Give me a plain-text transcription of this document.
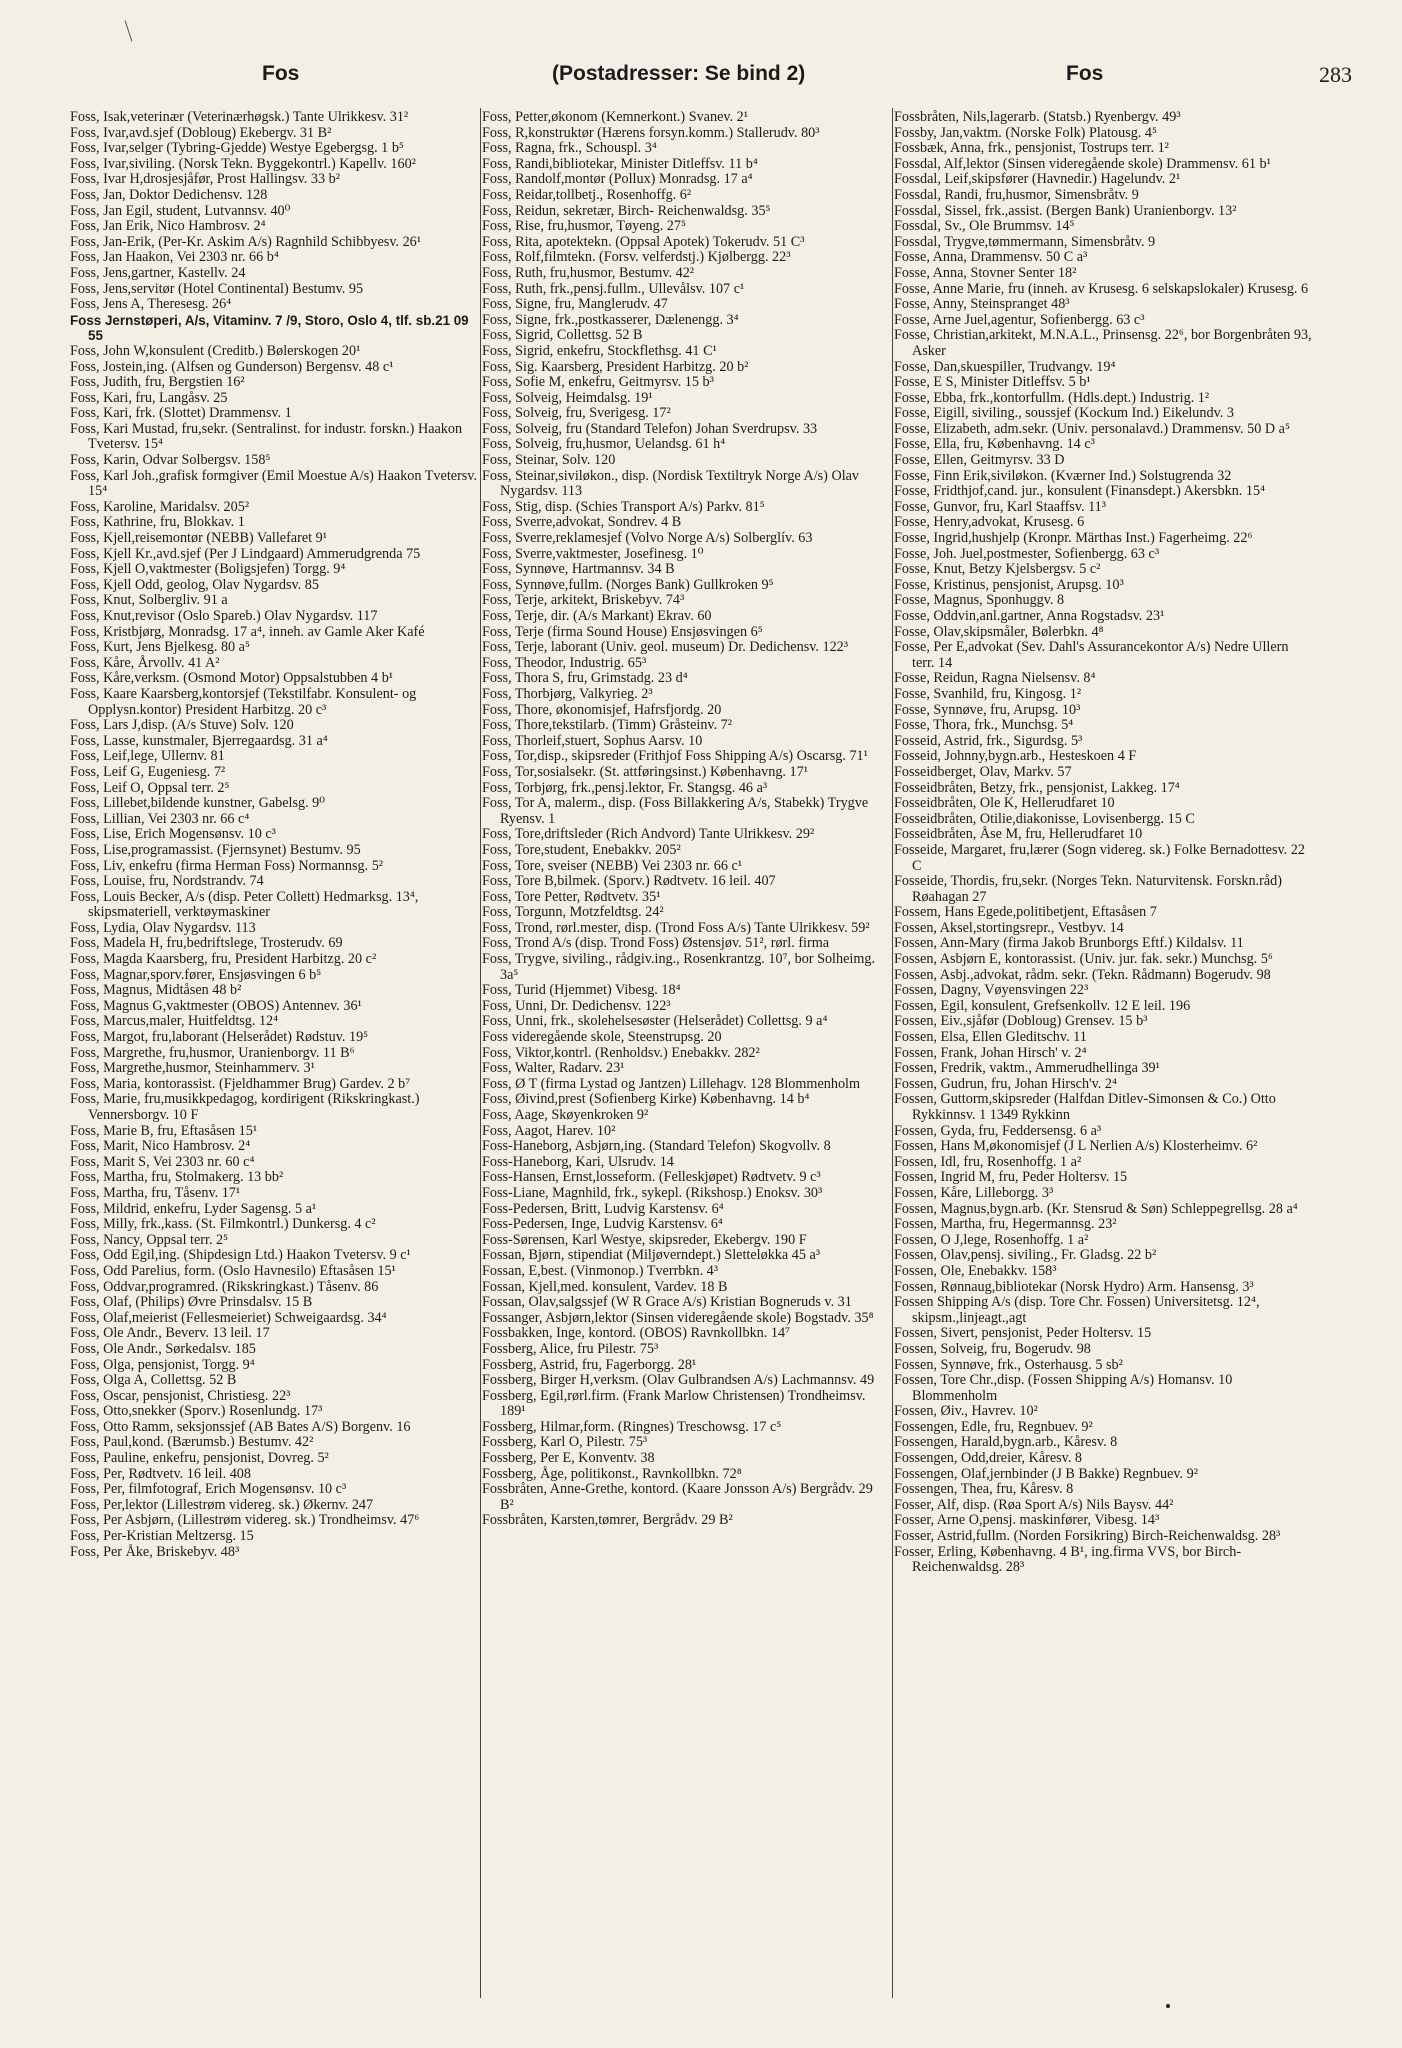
Fos	(Postadresser: Se bind 2)	Fos	283

Foss, Isak,veterinær (Veterinærhøgsk.) Tante Ulrikkesv. 31²

Foss, Ivar,avd.sjef (Dobloug) Ekebergv. 31 B²

Foss, Ivar,selger (Tybring-Gjedde) Westye Egebergsg. 1 b⁵

Foss, Ivar,siviling. (Norsk Tekn. Byggekontrl.) Kapellv. 160²

Foss, Ivar H,drosjesjåfør, Prost Hallingsv. 33 b²

Foss, Jan, Doktor Dedichensv. 128

Foss, Jan Egil, student, Lutvannsv. 40⁰

Foss, Jan Erik, Nico Hambrosv. 2⁴

Foss, Jan-Erik, (Per-Kr. Askim A/s) Ragnhild Schibbyesv. 26¹

Foss, Jan Haakon, Vei 2303 nr. 66 b⁴

Foss, Jens,gartner, Kastellv. 24

Foss, Jens,servitør (Hotel Continental) Bestumv. 95

Foss, Jens A, Theresesg. 26⁴

Foss Jernstøperi, A/s, Vitaminv. 7 /9, Storo, Oslo 4, tlf. sb.21 09 55

Foss, John W,konsulent (Creditb.) Bølerskogen 20¹

Foss, Jostein,ing. (Alfsen og Gunderson) Bergensv. 48 c¹

Foss, Judith, fru, Bergstien 16²

Foss, Kari, fru, Langåsv. 25

Foss, Kari, frk. (Slottet) Drammensv. 1

Foss, Kari Mustad, fru,sekr. (Sentralinst. for industr. forskn.) Haakon Tvetersv. 15⁴

Foss, Karin, Odvar Solbergsv. 158⁵

Foss, Karl Joh.,grafisk formgiver (Emil Moestue A/s) Haakon Tvetersv. 15⁴

Foss, Karoline, Maridalsv. 205²

Foss, Kathrine, fru, Blokkav. 1

Foss, Kjell,reisemontør (NEBB) Vallefaret 9¹

Foss, Kjell Kr.,avd.sjef (Per J Lindgaard) Ammerudgrenda 75

Foss, Kjell O,vaktmester (Boligsjefen) Torgg. 9⁴

Foss, Kjell Odd, geolog, Olav Nygardsv. 85

Foss, Knut, Solbergliv. 91 a

Foss, Knut,revisor (Oslo Spareb.) Olav Nygardsv. 117

Foss, Kristbjørg, Monradsg. 17 a⁴, inneh. av Gamle Aker Kafé

Foss, Kurt, Jens Bjelkesg. 80 a⁵

Foss, Kåre, Årvollv. 41 A²

Foss, Kåre,verksm. (Osmond Motor) Oppsalstubben 4 b¹

Foss, Kaare Kaarsberg,kontorsjef (Tekstilfabr. Konsulent- og Opplysn.kontor) President Harbitzg. 20 c³

Foss, Lars J,disp. (A/s Stuve) Solv. 120

Foss, Lasse, kunstmaler, Bjerregaardsg. 31 a⁴

Foss, Leif,lege, Ullernv. 81

Foss, Leif G, Eugeniesg. 7²

Foss, Leif O, Oppsal terr. 2⁵

Foss, Lillebet,bildende kunstner, Gabelsg. 9⁰

Foss, Lillian, Vei 2303 nr. 66 c⁴

Foss, Lise, Erich Mogensønsv. 10 c³

Foss, Lise,programassist. (Fjernsynet) Bestumv. 95

Foss, Liv, enkefru (firma Herman Foss) Normannsg. 5²

Foss, Louise, fru, Nordstrandv. 74

Foss, Louis Becker, A/s (disp. Peter Collett) Hedmarksg. 13⁴, skipsmateriell, verktøymaskiner

Foss, Lydia, Olav Nygardsv. 113

Foss, Madela H, fru,bedriftslege, Trosterudv. 69

Foss, Magda Kaarsberg, fru, President Harbitzg. 20 c²

Foss, Magnar,sporv.fører, Ensjøsvingen 6 b⁵

Foss, Magnus, Midtåsen 48 b²

Foss, Magnus G,vaktmester (OBOS) Antennev. 36¹

Foss, Marcus,maler, Huitfeldtsg. 12⁴

Foss, Margot, fru,laborant (Helserådet) Rødstuv. 19⁵

Foss, Margrethe, fru,husmor, Uranienborgv. 11 B⁶

Foss, Margrethe,husmor, Steinhammerv. 3¹

Foss, Maria, kontorassist. (Fjeldhammer Brug) Gardev. 2 b⁷

Foss, Marie, fru,musikkpedagog, kordirigent (Rikskringkast.) Vennersborgv. 10 F

Foss, Marie B, fru, Eftasåsen 15¹

Foss, Marit, Nico Hambrosv. 2⁴

Foss, Marit S, Vei 2303 nr. 60 c⁴

Foss, Martha, fru, Stolmakerg. 13 bb²

Foss, Martha, fru, Tåsenv. 17¹

Foss, Mildrid, enkefru, Lyder Sagensg. 5 a¹

Foss, Milly, frk.,kass. (St. Filmkontrl.) Dunkersg. 4 c²

Foss, Nancy, Oppsal terr. 2⁵

Foss, Odd Egil,ing. (Shipdesign Ltd.) Haakon Tvetersv. 9 c¹

Foss, Odd Parelius, form. (Oslo Havnesilo) Eftasåsen 15¹

Foss, Oddvar,programred. (Rikskringkast.) Tåsenv. 86

Foss, Olaf, (Philips) Øvre Prinsdalsv. 15 B

Foss, Olaf,meierist (Fellesmeieriet) Schweigaardsg. 34⁴

Foss, Ole Andr., Beverv. 13 leil. 17

Foss, Ole Andr., Sørkedalsv. 185

Foss, Olga, pensjonist, Torgg. 9⁴

Foss, Olga A, Collettsg. 52 B

Foss, Oscar, pensjonist, Christiesg. 22³

Foss, Otto,snekker (Sporv.) Rosenlundg. 17³

Foss, Otto Ramm, seksjonssjef (AB Bates A/S) Borgenv. 16

Foss, Paul,kond. (Bærumsb.) Bestumv. 42²

Foss, Pauline, enkefru, pensjonist, Dovreg. 5²

Foss, Per, Rødtvetv. 16 leil. 408

Foss, Per, filmfotograf, Erich Mogensønsv. 10 c³

Foss, Per,lektor (Lillestrøm videreg. sk.) Økernv. 247

Foss, Per Asbjørn, (Lillestrøm videreg. sk.) Trondheimsv. 47⁶

Foss, Per-Kristian Meltzersg. 15

Foss, Per Åke, Briskebyv. 48³

Foss, Petter,økonom (Kemnerkont.) Svanev. 2¹

Foss, R,konstruktør (Hærens forsyn.komm.) Stallerudv. 80³

Foss, Ragna, frk., Schouspl. 3⁴

Foss, Randi,bibliotekar, Minister Ditleffsv. 11 b⁴

Foss, Randolf,montør (Pollux) Monradsg. 17 a⁴

Foss, Reidar,tollbetj., Rosenhoffg. 6²

Foss, Reidun, sekretær, Birch- Reichenwaldsg. 35⁵

Foss, Rise, fru,husmor, Tøyeng. 27⁵

Foss, Rita, apotektekn. (Oppsal Apotek) Tokerudv. 51 C³

Foss, Rolf,filmtekn. (Forsv. velferdstj.) Kjølbergg. 22³

Foss, Ruth, fru,husmor, Bestumv. 42²

Foss, Ruth, frk.,pensj.fullm., Ullevålsv. 107 c¹

Foss, Signe, fru, Manglerudv. 47

Foss, Signe, frk.,postkasserer, Dælenengg. 3⁴

Foss, Sigrid, Collettsg. 52 B

Foss, Sigrid, enkefru, Stockflethsg. 41 C¹

Foss, Sig. Kaarsberg, President Harbitzg. 20 b²

Foss, Sofie M, enkefru, Geitmyrsv. 15 b³

Foss, Solveig, Heimdalsg. 19¹

Foss, Solveig, fru, Sverigesg. 17²

Foss, Solveig, fru (Standard Telefon) Johan Sverdrupsv. 33

Foss, Solveig, fru,husmor, Uelandsg. 61 h⁴

Foss, Steinar, Solv. 120

Foss, Steinar,siviløkon., disp. (Nordisk Textiltryk Norge A/s) Olav Nygardsv. 113

Foss, Stig, disp. (Schies Transport A/s) Parkv. 81⁵

Foss, Sverre,advokat, Sondrev. 4 B

Foss, Sverre,reklamesjef (Volvo Norge A/s) Solberglív. 63

Foss, Sverre,vaktmester, Josefinesg. 1⁰

Foss, Synnøve, Hartmannsv. 34 B

Foss, Synnøve,fullm. (Norges Bank) Gullkroken 9⁵

Foss, Terje, arkitekt, Briskebyv. 74³

Foss, Terje, dir. (A/s Markant) Ekrav. 60

Foss, Terje (firma Sound House) Ensjøsvingen 6⁵

Foss, Terje, laborant (Univ. geol. museum) Dr. Dedichensv. 122³

Foss, Theodor, Industrig. 65³

Foss, Thora S, fru, Grimstadg. 23 d⁴

Foss, Thorbjørg, Valkyrieg. 2³

Foss, Thore, økonomisjef, Hafrsfjordg. 20

Foss, Thore,tekstilarb. (Timm) Gråsteinv. 7²

Foss, Thorleif,stuert, Sophus Aarsv. 10

Foss, Tor,disp., skipsreder (Frithjof Foss Shipping A/s) Oscarsg. 71¹

Foss, Tor,sosialsekr. (St. attføringsinst.) Københavng. 17¹

Foss, Torbjørg, frk.,pensj.lektor, Fr. Stangsg. 46 a³

Foss, Tor A, malerm., disp. (Foss Billakkering A/s, Stabekk) Trygve Ryensv. 1

Foss, Tore,driftsleder (Rich Andvord) Tante Ulrikkesv. 29²

Foss, Tore,student, Enebakkv. 205²

Foss, Tore, sveiser (NEBB) Vei 2303 nr. 66 c¹

Foss, Tore B,bilmek. (Sporv.) Rødtvetv. 16 leil. 407

Foss, Tore Petter, Rødtvetv. 35¹

Foss, Torgunn, Motzfeldtsg. 24²

Foss, Trond, rørl.mester, disp. (Trond Foss A/s) Tante Ulrikkesv. 59²

Foss, Trond A/s (disp. Trond Foss) Østensjøv. 51², rørl. firma

Foss, Trygve, siviling., rådgiv.ing., Rosenkrantzg. 10⁷, bor Solheimg. 3a⁵

Foss, Turid (Hjemmet) Vibesg. 18⁴

Foss, Unni, Dr. Dedichensv. 122³

Foss, Unni, frk., skolehelsesøster (Helserådet) Collettsg. 9 a⁴

Foss videregående skole, Steenstrupsg. 20

Foss, Viktor,kontrl. (Renholdsv.) Enebakkv. 282²

Foss, Walter, Radarv. 23¹

Foss, Ø T (firma Lystad og Jantzen) Lillehagv. 128 Blommenholm

Foss, Øivind,prest (Sofienberg Kirke) Københavng. 14 b⁴

Foss, Aage, Skøyenkroken 9²

Foss, Aagot, Harev. 10²

Foss-Haneborg, Asbjørn,ing. (Standard Telefon) Skogvollv. 8

Foss-Haneborg, Kari, Ulsrudv. 14

Foss-Hansen, Ernst,losseform. (Felleskjøpet) Rødtvetv. 9 c³

Foss-Liane, Magnhild, frk., sykepl. (Rikshosp.) Enoksv. 30³

Foss-Pedersen, Britt, Ludvig Karstensv. 6⁴

Foss-Pedersen, Inge, Ludvig Karstensv. 6⁴

Foss-Sørensen, Karl Westye, skipsreder, Ekebergv. 190 F

Fossan, Bjørn, stipendiat (Miljøverndept.) Sletteløkka 45 a³

Fossan, E,best. (Vinmonop.) Tverrbkn. 4³

Fossan, Kjell,med. konsulent, Vardev. 18 B

Fossan, Olav,salgssjef (W R Grace A/s) Kristian Bogneruds v. 31

Fossanger, Asbjørn,lektor (Sinsen videregående skole) Bogstadv. 35⁸

Fossbakken, Inge, kontord. (OBOS) Ravnkollbkn. 14⁷

Fossberg, Alice, fru Pilestr. 75³

Fossberg, Astrid, fru, Fagerborgg. 28¹

Fossberg, Birger H,verksm. (Olav Gulbrandsen A/s) Lachmannsv. 49

Fossberg, Egil,rørl.firm. (Frank Marlow Christensen) Trondheimsv. 189¹

Fossberg, Hilmar,form. (Ringnes) Treschowsg. 17 c⁵

Fossberg, Karl O, Pilestr. 75³

Fossberg, Per E, Konventv. 38

Fossberg, Åge, politikonst., Ravnkollbkn. 72⁸

Fossbråten, Anne-Grethe, kontord. (Kaare Jonsson A/s) Bergrådv. 29 B²

Fossbråten, Karsten,tømrer, Bergrådv. 29 B²

Fossbråten, Nils,lagerarb. (Statsb.) Ryenbergv. 49³

Fossby, Jan,vaktm. (Norske Folk) Platousg. 4⁵

Fossbæk, Anna, frk., pensjonist, Tostrups terr. 1²

Fossdal, Alf,lektor (Sinsen videregående skole) Drammensv. 61 b¹

Fossdal, Leif,skipsfører (Havnedir.) Hagelundv. 2¹

Fossdal, Randi, fru,husmor, Simensbråtv. 9

Fossdal, Sissel, frk.,assist. (Bergen Bank) Uranienborgv. 13²

Fossdal, Sv., Ole Brummsv. 14⁵

Fossdal, Trygve,tømmermann, Simensbråtv. 9

Fosse, Anna, Drammensv. 50 C a³

Fosse, Anna, Stovner Senter 18²

Fosse, Anne Marie, fru (inneh. av Krusesg. 6 selskapslokaler) Krusesg. 6

Fosse, Anny, Steinspranget 48³

Fosse, Arne Juel,agentur, Sofienbergg. 63 c³

Fosse, Christian,arkitekt, M.N.A.L., Prinsensg. 22⁶, bor Borgenbråten 93, Asker

Fosse, Dan,skuespiller, Trudvangv. 19⁴

Fosse, E S, Minister Ditleffsv. 5 b¹

Fosse, Ebba, frk.,kontorfullm. (Hdls.dept.) Industrig. 1²

Fosse, Eigill, siviling., soussjef (Kockum Ind.) Eikelundv. 3

Fosse, Elizabeth, adm.sekr. (Univ. personalavd.) Drammensv. 50 D a⁵

Fosse, Ella, fru, Københavng. 14 c³

Fosse, Ellen, Geitmyrsv. 33 D

Fosse, Finn Erik,siviløkon. (Kværner Ind.) Solstugrenda 32

Fosse, Fridthjof,cand. jur., konsulent (Finansdept.) Akersbkn. 15⁴

Fosse, Gunvor, fru, Karl Staaffsv. 11³

Fosse, Henry,advokat, Krusesg. 6

Fosse, Ingrid,hushjelp (Kronpr. Märthas Inst.) Fagerheimg. 22⁶

Fosse, Joh. Juel,postmester, Sofienbergg. 63 c³

Fosse, Knut, Betzy Kjelsbergsv. 5 c²

Fosse, Kristinus, pensjonist, Arupsg. 10³

Fosse, Magnus, Sponhuggv. 8

Fosse, Oddvin,anl.gartner, Anna Rogstadsv. 23¹

Fosse, Olav,skipsmåler, Bølerbkn. 4⁸

Fosse, Per E,advokat (Sev. Dahl's Assurancekontor A/s) Nedre Ullern terr. 14

Fosse, Reidun, Ragna Nielsensv. 8⁴

Fosse, Svanhild, fru, Kingosg. 1²

Fosse, Synnøve, fru, Arupsg. 10³

Fosse, Thora, frk., Munchsg. 5⁴

Fosseid, Astrid, frk., Sigurdsg. 5³

Fosseid, Johnny,bygn.arb., Hesteskoen 4 F

Fosseidberget, Olav, Markv. 57

Fosseidbråten, Betzy, frk., pensjonist, Lakkeg. 17⁴

Fosseidbråten, Ole K, Hellerudfaret 10

Fosseidbråten, Otilie,diakonisse, Lovisenbergg. 15 C

Fosseidbråten, Åse M, fru, Hellerudfaret 10

Fosseide, Margaret, fru,lærer (Sogn videreg. sk.) Folke Bernadottesv. 22 C

Fosseide, Thordis, fru,sekr. (Norges Tekn. Naturvitensk. Forskn.råd) Røahagan 27

Fossem, Hans Egede,politibetjent, Eftasåsen 7

Fossen, Aksel,stortingsrepr., Vestbyv. 14

Fossen, Ann-Mary (firma Jakob Brunborgs Eftf.) Kildalsv. 11

Fossen, Asbjørn E, kontorassist. (Univ. jur. fak. sekr.) Munchsg. 5⁶

Fossen, Asbj.,advokat, rådm. sekr. (Tekn. Rådmann) Bogerudv. 98

Fossen, Dagny, Vøyensvingen 22³

Fossen, Egil, konsulent, Grefsenkollv. 12 E leil. 196

Fossen, Eiv.,sjåfør (Dobloug) Grensev. 15 b³

Fossen, Elsa, Ellen Gleditschv. 11

Fossen, Frank, Johan Hirsch' v. 2⁴

Fossen, Fredrik, vaktm., Ammerudhellinga 39¹

Fossen, Gudrun, fru, Johan Hirsch'v. 2⁴

Fossen, Guttorm,skipsreder (Halfdan Ditlev-Simonsen & Co.) Otto Rykkinnsv. 1 1349 Rykkinn

Fossen, Gyda, fru, Feddersensg. 6 a³

Fossen, Hans M,økonomisjef (J L Nerlien A/s) Klosterheimv. 6²

Fossen, Idl, fru, Rosenhoffg. 1 a²

Fossen, Ingrid M, fru, Peder Holtersv. 15

Fossen, Kåre, Lilleborgg. 3³

Fossen, Magnus,bygn.arb. (Kr. Stensrud & Søn) Schleppegrellsg. 28 a⁴

Fossen, Martha, fru, Hegermannsg. 23²

Fossen, O J,lege, Rosenhoffg. 1 a²

Fossen, Olav,pensj. siviling., Fr. Gladsg. 22 b²

Fossen, Ole, Enebakkv. 158³

Fossen, Rønnaug,bibliotekar (Norsk Hydro) Arm. Hansensg. 3³

Fossen Shipping A/s (disp. Tore Chr. Fossen) Universitetsg. 12⁴, skipsm.,linjeagt.,agt

Fossen, Sivert, pensjonist, Peder Holtersv. 15

Fossen, Solveig, fru, Bogerudv. 98

Fossen, Synnøve, frk., Osterhausg. 5 sb²

Fossen, Tore Chr.,disp. (Fossen Shipping A/s) Homansv. 10 Blommenholm

Fossen, Øiv., Havrev. 10²

Fossengen, Edle, fru, Regnbuev. 9²

Fossengen, Harald,bygn.arb., Kåresv. 8

Fossengen, Odd,dreier, Kåresv. 8

Fossengen, Olaf,jernbinder (J B Bakke) Regnbuev. 9²

Fossengen, Thea, fru, Kåresv. 8

Fosser, Alf, disp. (Røa Sport A/s) Nils Baysv. 44²

Fosser, Arne O,pensj. maskinfører, Vibesg. 14³

Fosser, Astrid,fullm. (Norden Forsikring) Birch-Reichenwaldsg. 28³

Fosser, Erling, Københavng. 4 B¹, ing.firma VVS, bor Birch-Reichenwaldsg. 28³
